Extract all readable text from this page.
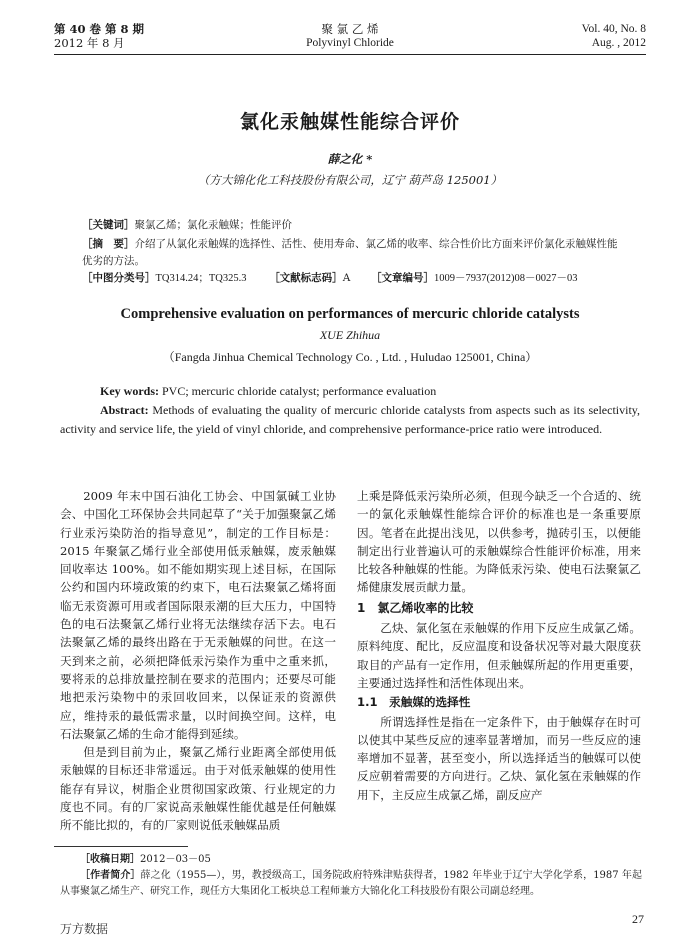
第 40 卷 第 8 期
2012 年 8 月
聚 氯 乙 烯
Polyvinyl Chloride
Vol. 40, No. 8
Aug. , 2012
氯化汞触媒性能综合评价
薛之化 *
（方大锦化化工科技股份有限公司，辽宁 葫芦岛 125001）
［关键词］聚氯乙烯；氯化汞触媒；性能评价
［摘　要］介绍了从氯化汞触媒的选择性、活性、使用寿命、氯乙烯的收率、综合性价比方面来评价氯化汞触媒性能优劣的方法。
［中图分类号］TQ314.24；TQ325.3 ［文献标志码］A ［文章编号］1009－7937(2012)08－0027－03
Comprehensive evaluation on performances of mercuric chloride catalysts
XUE Zhihua
（Fangda Jinhua Chemical Technology Co. , Ltd. , Huludao 125001, China）
Key words: PVC; mercuric chloride catalyst; performance evaluation
Abstract: Methods of evaluating the quality of mercuric chloride catalysts from aspects such as its selectivity, activity and service life, the yield of vinyl chloride, and comprehensive performance-price ratio were introduced.

2009 年末中国石油化工协会、中国氯碱工业协会、中国化工环保协会共同起草了“关于加强聚氯乙烯行业汞污染防治的指导意见”，制定的工作目标是：2015 年聚氯乙烯行业全部使用低汞触媒，废汞触媒回收率达 100%。如不能如期实现上述目标，在国际公约和国内环境政策的约束下，电石法聚氯乙烯将面临无汞资源可用或者国际限汞潮的巨大压力，中国特色的电石法聚氯乙烯行业将无法继续存活下去。电石法聚氯乙烯的最终出路在于无汞触媒的问世。在这一天到来之前，必须把降低汞污染作为重中之重来抓，要将汞的总排放量控制在要求的范围内；还要尽可能地把汞污染物中的汞回收回来，以保证汞的资源供应，维持汞的最低需求量，以时间换空间。这样，电石法聚氯乙烯的生命才能得到延续。

但是到目前为止，聚氯乙烯行业距离全部使用低汞触媒的目标还非常遥远。由于对低汞触媒的使用性能存有异议，树脂企业贯彻国家政策、行业规定的力度也不同。有的厂家说高汞触媒性能优越是任何触媒所不能比拟的，有的厂家则说低汞触媒品质

上乘是降低汞污染所必须，但现今缺乏一个合适的、统一的氯化汞触媒性能综合评价的标准也是一条重要原因。笔者在此提出浅见，以供参考，抛砖引玉，以便能制定出行业普遍认可的汞触媒综合性能评价标准，用来比较各种触媒的性能。为降低汞污染、使电石法聚氯乙烯健康发展贡献力量。

1　氯乙烯收率的比较

乙炔、氯化氢在汞触媒的作用下反应生成氯乙烯。原料纯度、配比，反应温度和设备状况等对最大限度获取目的产品有一定作用，但汞触媒所起的作用更重要，主要通过选择性和活性体现出来。

1.1　汞触媒的选择性

所谓选择性是指在一定条件下，由于触媒存在时可以使其中某些反应的速率显著增加，而另一些反应的速率增加不显著，甚至变小，所以选择适当的触媒可以使反应朝着需要的方向进行。乙炔、氯化氢在汞触媒的作用下，主反应生成氯乙烯，副反应产

［收稿日期］2012－03－05
［作者简介］薛之化（1955—），男，教授级高工，国务院政府特殊津贴获得者，1982 年毕业于辽宁大学化学系，1987 年起从事聚氯乙烯生产、研究工作，现任方大集团化工板块总工程师兼方大锦化化工科技股份有限公司副总经理。
27
万方数据
